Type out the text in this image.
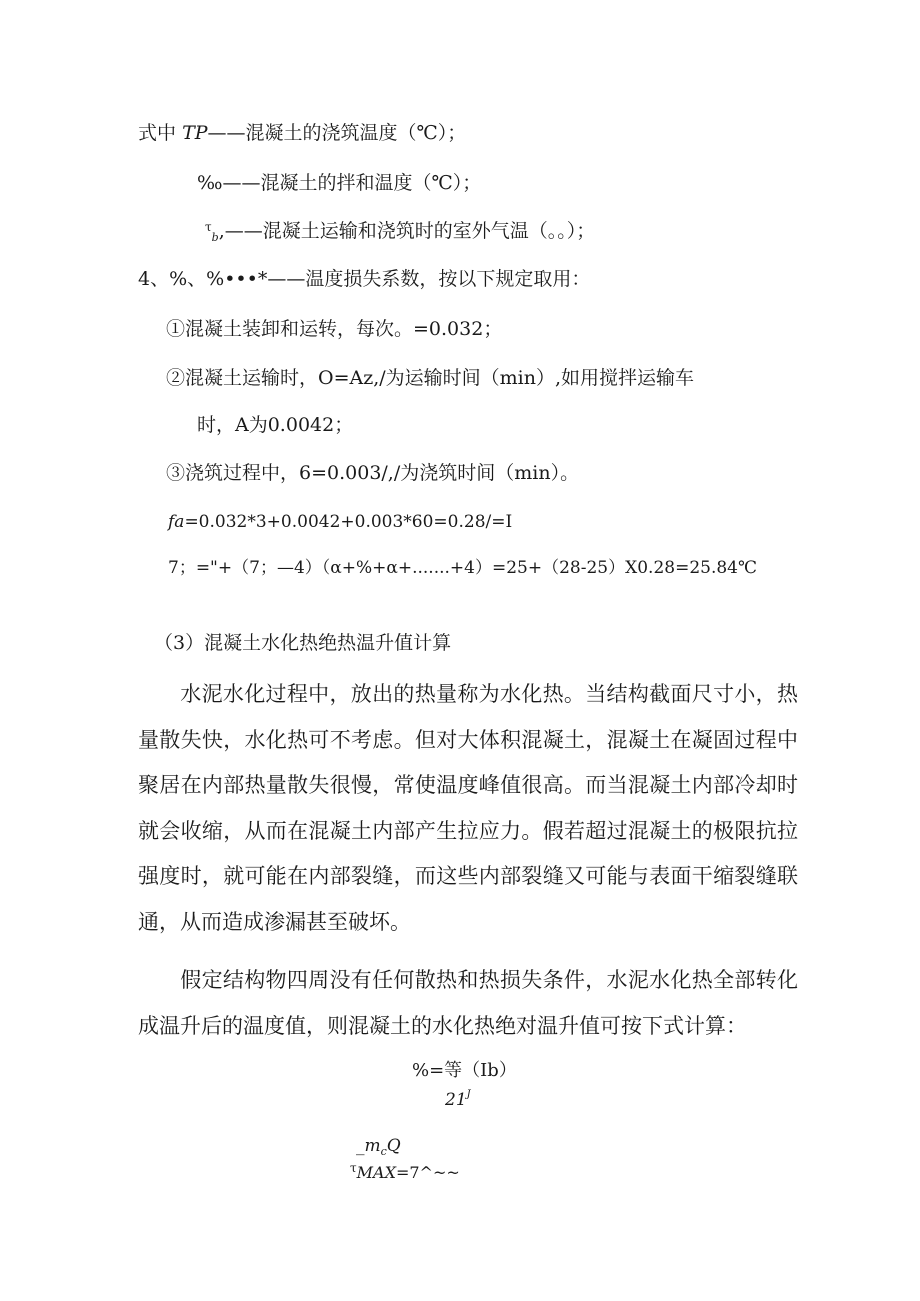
式中 TP——混凝土的浇筑温度（℃）；
‰——混凝土的拌和温度（℃）；
$^\tau_b$,——混凝土运输和浇筑时的室外气温（。。）；
4、%、%•••*——温度损失系数，按以下规定取用：
①混凝土装卸和运转，每次。=0.032；
②混凝土运输时，O=Az,/为运输时间（min）,如用搅拌运输车
时，A为0.0042；
③浇筑过程中，6=0.003/,/为浇筑时间（min）。
fa=0.032*3+0.0042+0.003*60=0.28/=I
7；="+（7；—4）（α+%+α+.......+4）=25+（28-25）X0.28=25.84℃
（3）混凝土水化热绝热温升值计算
水泥水化过程中，放出的热量称为水化热。当结构截面尺寸小，热量散失快，水化热可不考虑。但对大体积混凝土，混凝土在凝固过程中聚居在内部热量散失很慢，常使温度峰值很高。而当混凝土内部冷却时就会收缩，从而在混凝土内部产生拉应力。假若超过混凝土的极限抗拉强度时，就可能在内部裂缝，而这些内部裂缝又可能与表面干缩裂缝联通，从而造成渗漏甚至破坏。
假定结构物四周没有任何散热和热损失条件，水泥水化热全部转化成温升后的温度值，则混凝土的水化热绝对温升值可按下式计算：
%=等（Ib）
$21^J$
$\_m_cQ$
$^\tau$MAX=7^~~
